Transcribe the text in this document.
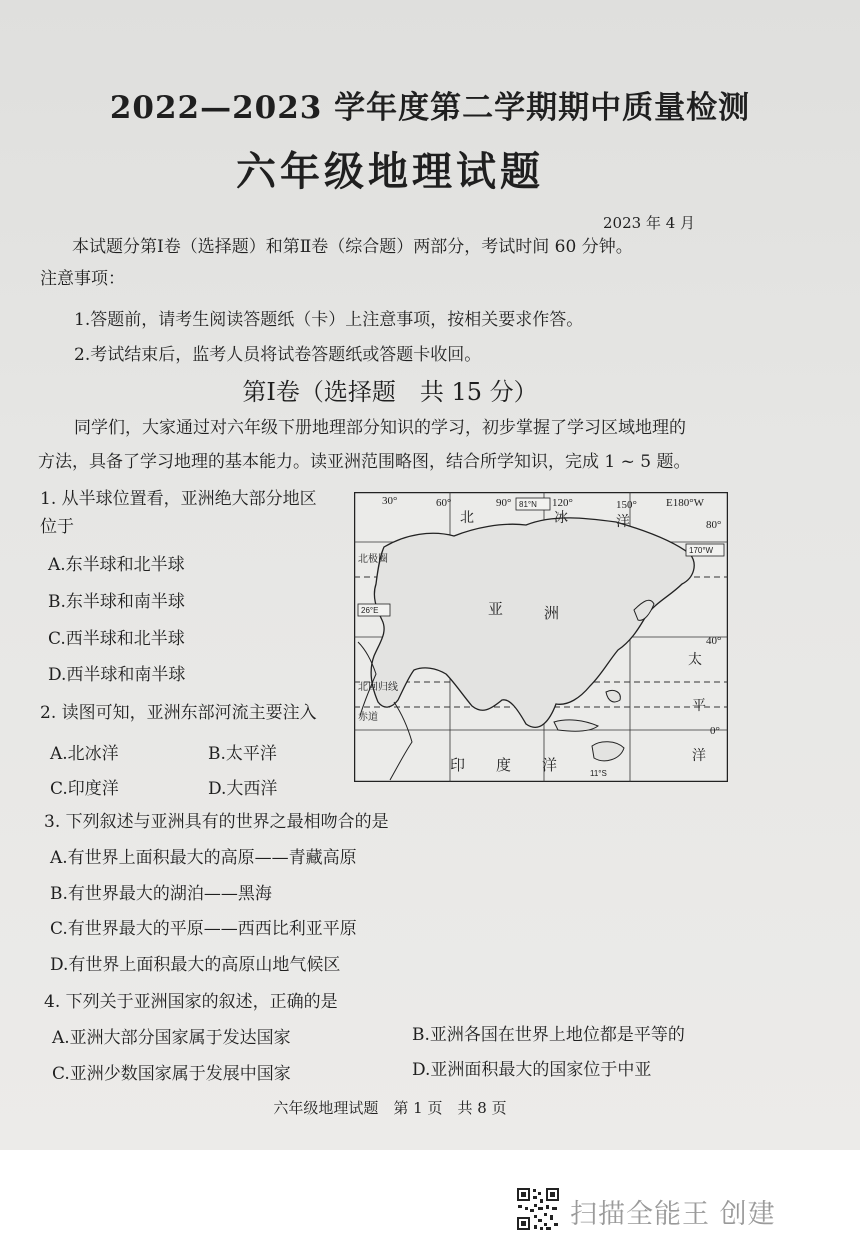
2022—2023 学年度第二学期期中质量检测
六年级地理试题
2023 年 4 月
本试题分第Ⅰ卷（选择题）和第Ⅱ卷（综合题）两部分，考试时间 60 分钟。
注意事项：
1.答题前，请考生阅读答题纸（卡）上注意事项，按相关要求作答。
2.考试结束后，监考人员将试卷答题纸或答题卡收回。
第Ⅰ卷（选择题　共 15 分）
同学们，大家通过对六年级下册地理部分知识的学习，初步掌握了学习区域地理的
方法，具备了学习地理的基本能力。读亚洲范围略图，结合所学知识，完成 1 ~ 5 题。
1. 从半球位置看，亚洲绝大部分地区
位于
A.东半球和北半球
B.东半球和南半球
C.西半球和北半球
D.西半球和南半球
2. 读图可知，亚洲东部河流主要注入
A.北冰洋	B.太平洋
C.印度洋	D.大西洋
3. 下列叙述与亚洲具有的世界之最相吻合的是
A.有世界上面积最大的高原——青藏高原
B.有世界最大的湖泊——黑海
C.有世界最大的平原——西西比利亚平原
D.有世界上面积最大的高原山地气候区
4. 下列关于亚洲国家的叙述，正确的是
A.亚洲大部分国家属于发达国家	B.亚洲各国在世界上地位都是平等的
C.亚洲少数国家属于发展中国家	D.亚洲面积最大的国家位于中亚
30°	60°	90°	120°	150°	E180°W
80°
40°
0°
81°N
170°W
26°E
北	冰	洋
北极圈
亚	洲
太
平
洋
北回归线
赤道
印 度 洋	11°S
六年级地理试题　第 1 页　共 8 页
扫描全能王 创建
